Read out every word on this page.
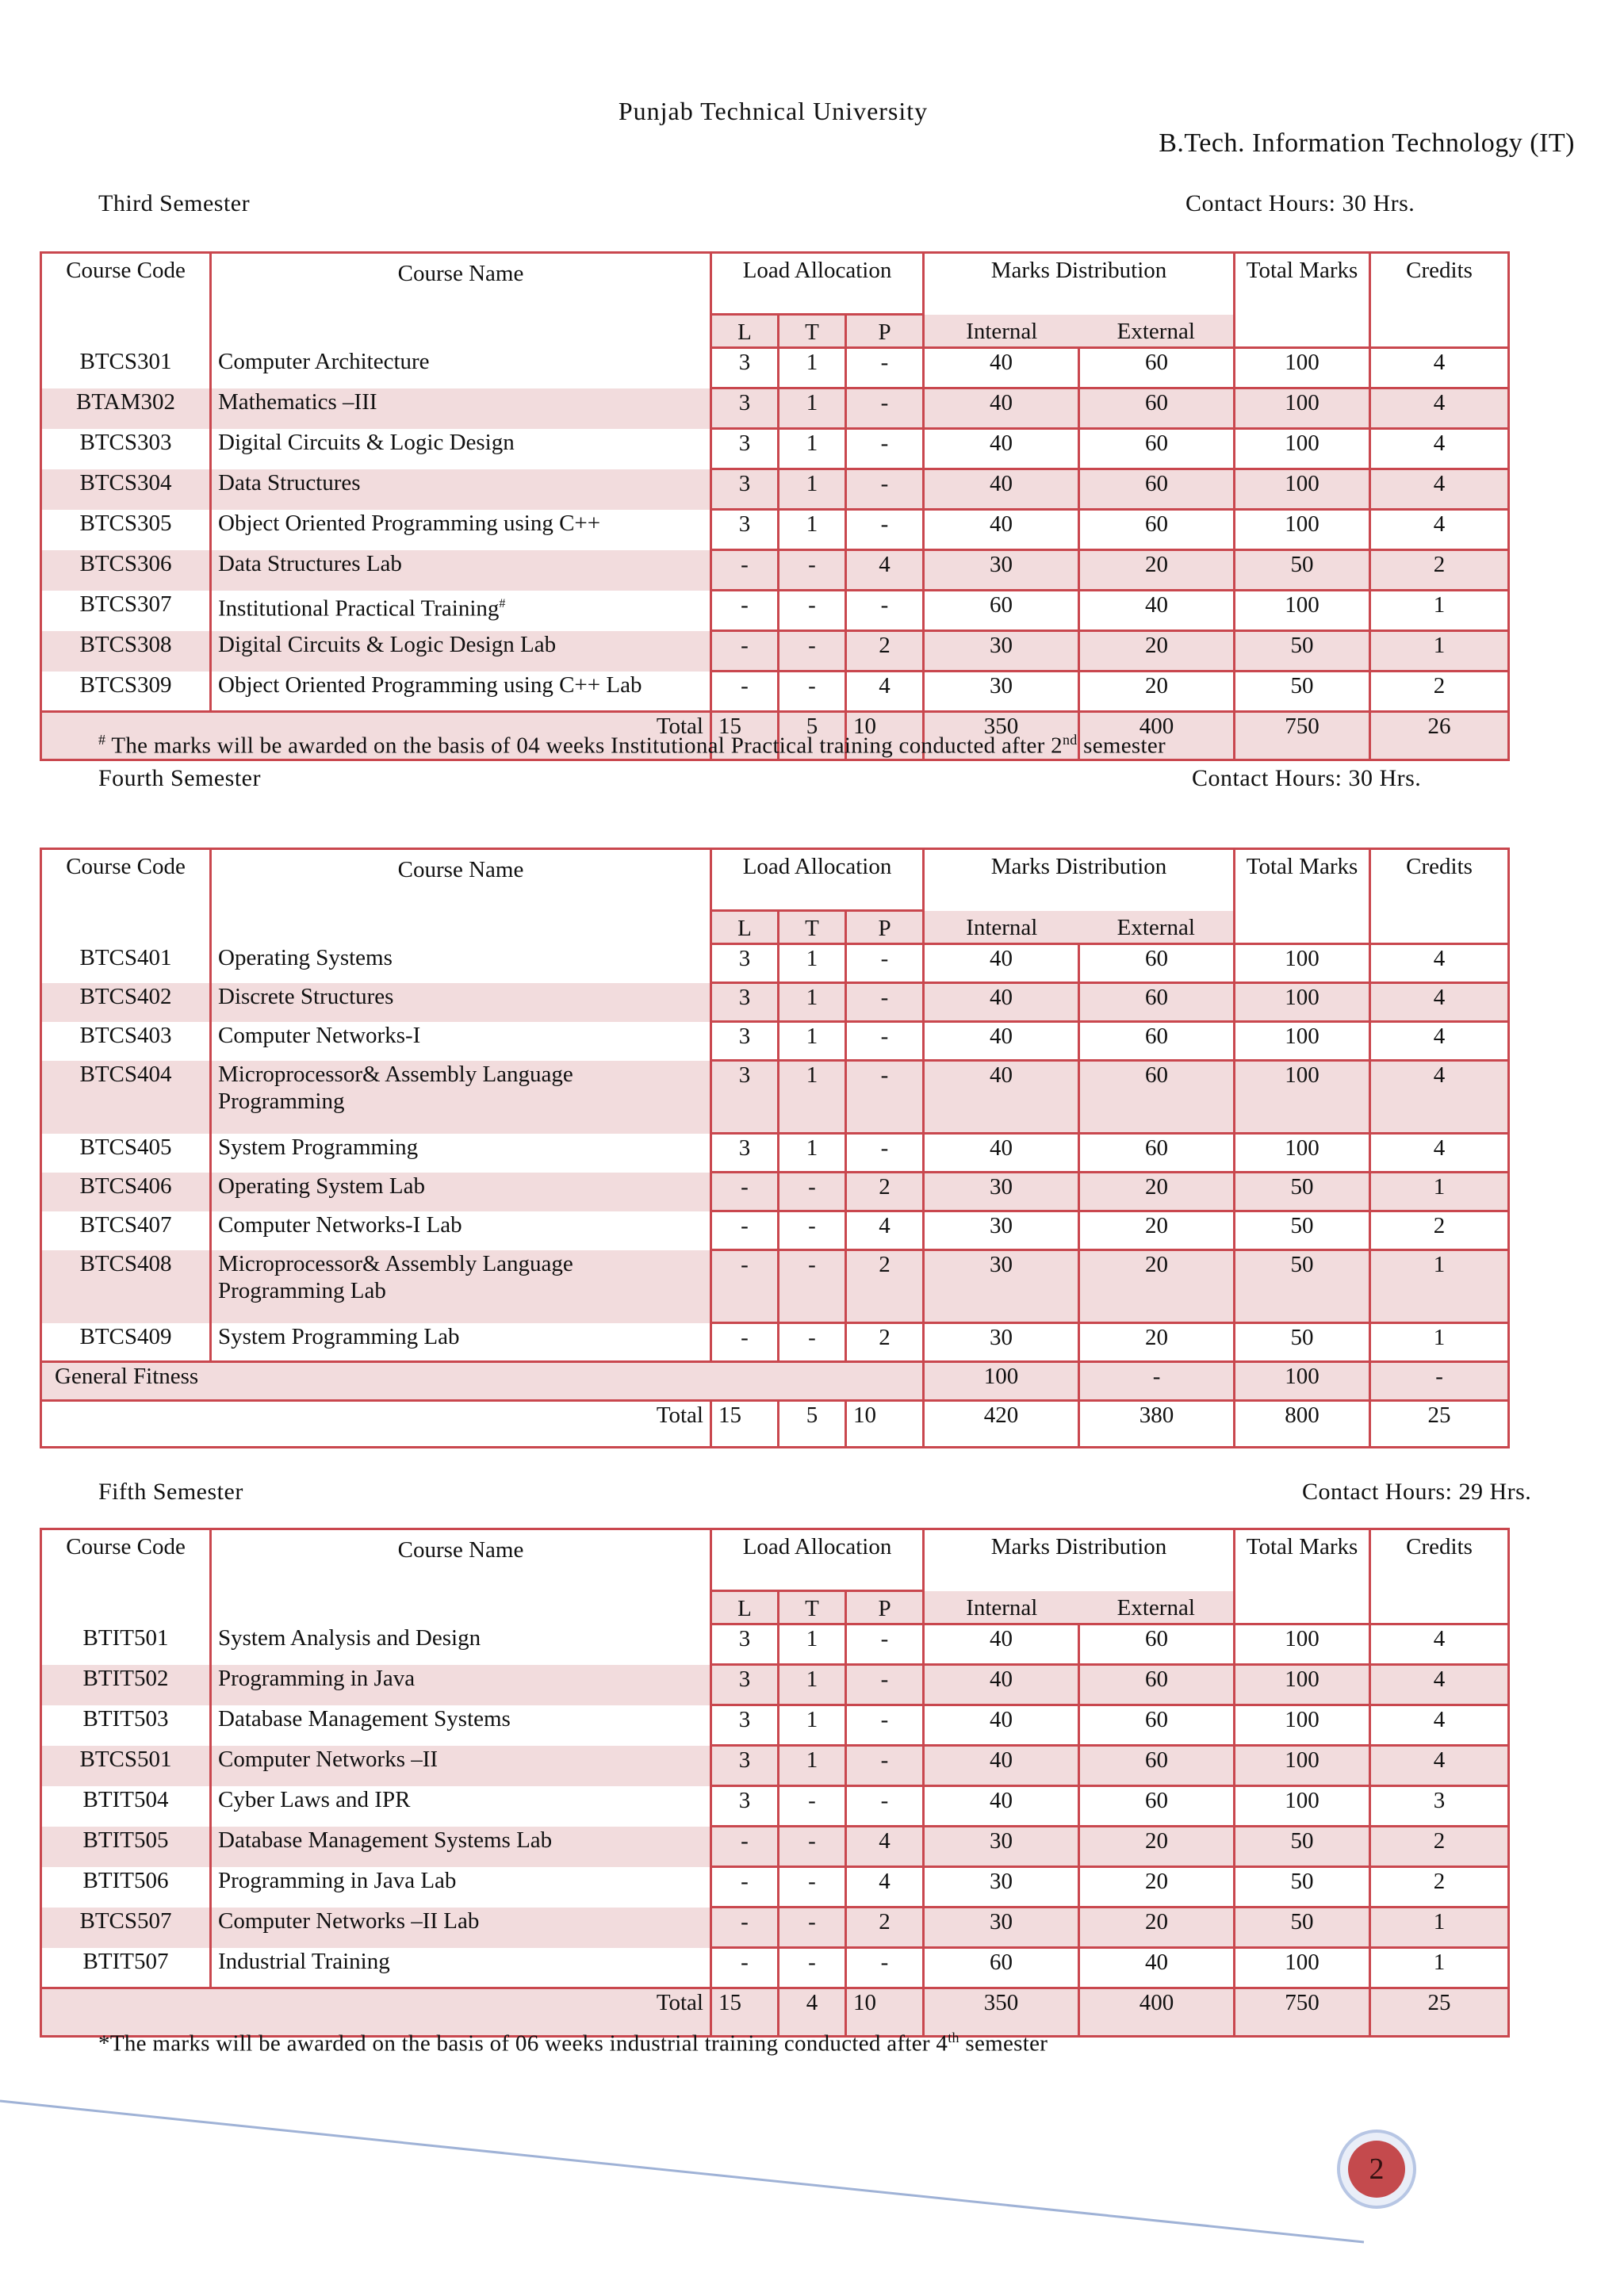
Punjab Technical University
B.Tech. Information Technology (IT)
Third Semester	Contact Hours: 30 Hrs.
Course Code	Course Name	Load Allocation			Marks Distribution		Total Marks	Credits
		L	T	P	Internal	External		
BTCS301	Computer Architecture	3	1	-	40	60	100	4
BTAM302	Mathematics –III	3	1	-	40	60	100	4
BTCS303	Digital Circuits & Logic Design	3	1	-	40	60	100	4
BTCS304	Data Structures	3	1	-	40	60	100	4
BTCS305	Object Oriented Programming using C++	3	1	-	40	60	100	4
BTCS306	Data Structures Lab	-	-	4	30	20	50	2
BTCS307	Institutional Practical Training#	-	-	-	60	40	100	1
BTCS308	Digital Circuits & Logic Design Lab	-	-	2	30	20	50	1
BTCS309	Object Oriented Programming using C++ Lab	-	-	4	30	20	50	2
Total		15	5	10	350	400	750	26
# The marks will be awarded on the basis of 04 weeks Institutional Practical training conducted after 2nd semester
Fourth Semester	Contact Hours: 30 Hrs.
Course Code	Course Name	Load Allocation			Marks Distribution		Total Marks	Credits
		L	T	P	Internal	External		
BTCS401	Operating Systems	3	1	-	40	60	100	4
BTCS402	Discrete Structures	3	1	-	40	60	100	4
BTCS403	Computer Networks-I	3	1	-	40	60	100	4
BTCS404	Microprocessor& Assembly Language Programming	3	1	-	40	60	100	4
BTCS405	System Programming	3	1	-	40	60	100	4
BTCS406	Operating System Lab	-	-	2	30	20	50	1
BTCS407	Computer Networks-I Lab	-	-	4	30	20	50	2
BTCS408	Microprocessor& Assembly Language Programming Lab	-	-	2	30	20	50	1
BTCS409	System Programming Lab	-	-	2	30	20	50	1
General Fitness					100	-	100	-
Total		15	5	10	420	380	800	25
Fifth Semester	Contact Hours: 29 Hrs.
Course Code	Course Name	Load Allocation			Marks Distribution		Total Marks	Credits
		L	T	P	Internal	External		
BTIT501	System Analysis and Design	3	1	-	40	60	100	4
BTIT502	Programming in Java	3	1	-	40	60	100	4
BTIT503	Database Management Systems	3	1	-	40	60	100	4
BTCS501	Computer Networks –II	3	1	-	40	60	100	4
BTIT504	Cyber Laws and IPR	3	-	-	40	60	100	3
BTIT505	Database Management Systems Lab	-	-	4	30	20	50	2
BTIT506	Programming in Java Lab	-	-	4	30	20	50	2
BTCS507	Computer Networks –II Lab	-	-	2	30	20	50	1
BTIT507	Industrial Training	-	-	-	60	40	100	1
Total		15	4	10	350	400	750	25
*The marks will be awarded on the basis of 06 weeks industrial training conducted after 4th semester
2
